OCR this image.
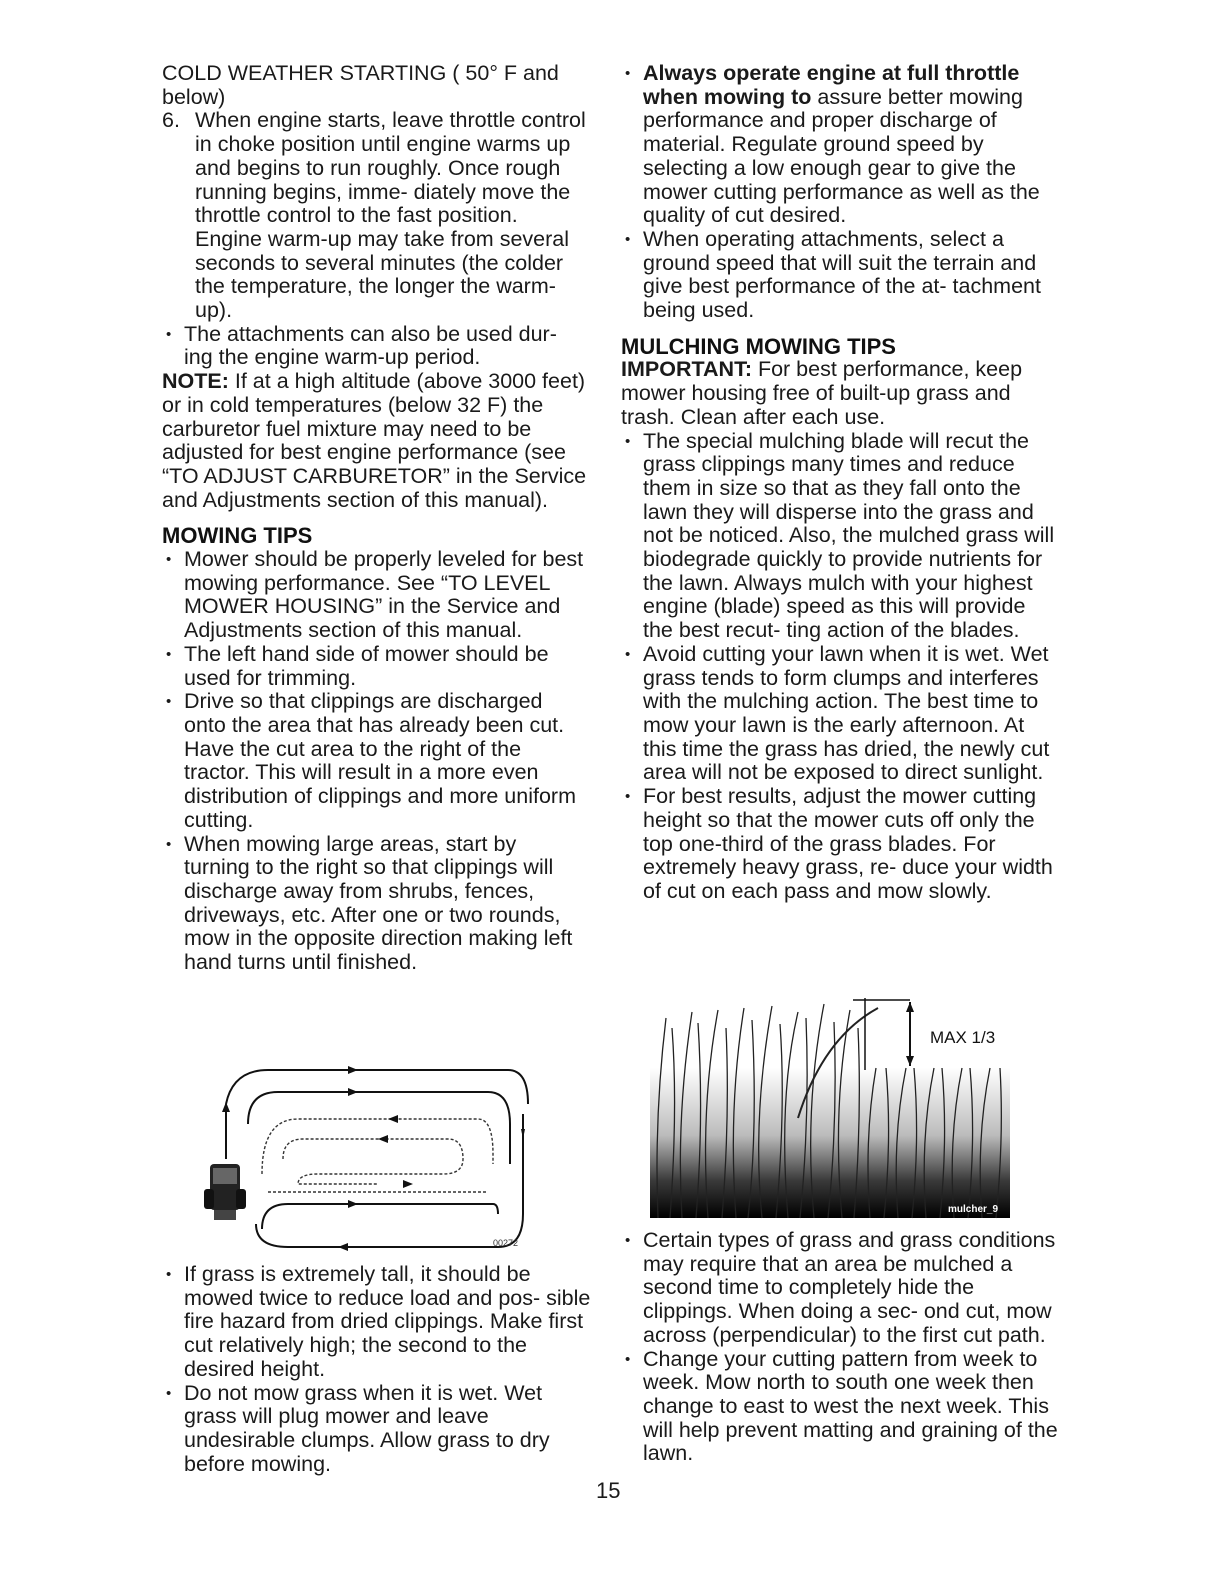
COLD WEATHER STARTING ( 50° F and below)

6. When engine starts, leave throttle control in choke position until engine warms up and begins to run roughly. Once rough running begins, imme- diately move the throttle control to the fast position. Engine warm-up may take from several seconds to several minutes (the colder the temperature, the longer the warm-up).
• The attachments can also be used dur- ing the engine warm-up period.

NOTE: If at a high altitude (above 3000 feet) or in cold temperatures (below 32 F) the carburetor fuel mixture may need to be adjusted for best engine performance (see “TO ADJUST CARBURETOR” in the Service and Adjustments section of this manual).

MOWING TIPS
• Mower should be properly leveled for best mowing performance. See “TO LEVEL MOWER HOUSING” in the Service and Adjustments section of this manual.
• The left hand side of mower should be used for trimming.
• Drive so that clippings are discharged onto the area that has already been cut. Have the cut area to the right of the tractor. This will result in a more even distribution of clippings and more uniform cutting.
• When mowing large areas, start by turning to the right so that clippings will discharge away from shrubs, fences, driveways, etc. After one or two rounds, mow in the opposite direction making left hand turns until finished.
00272
• If grass is extremely tall, it should be mowed twice to reduce load and pos- sible fire hazard from dried clippings. Make first cut relatively high; the second to the desired height.
• Do not mow grass when it is wet. Wet grass will plug mower and leave undesirable clumps. Allow grass to dry before mowing.
• Always operate engine at full throttle when mowing to assure better mowing performance and proper discharge of material. Regulate ground speed by selecting a low enough gear to give the mower cutting performance as well as the quality of cut desired.
• When operating attachments, select a ground speed that will suit the terrain and give best performance of the at- tachment being used.
MULCHING MOWING TIPS

IMPORTANT: For best performance, keep mower housing free of built-up grass and trash. Clean after each use.

• The special mulching blade will recut the grass clippings many times and reduce them in size so that as they fall onto the lawn they will disperse into the grass and not be noticed. Also, the mulched grass will biodegrade quickly to provide nutrients for the lawn. Always mulch with your highest engine (blade) speed as this will provide the best recut- ting action of the blades.
• Avoid cutting your lawn when it is wet. Wet grass tends to form clumps and interferes with the mulching action. The best time to mow your lawn is the early afternoon. At this time the grass has dried, the newly cut area will not be exposed to direct sunlight.
• For best results, adjust the mower cutting height so that the mower cuts off only the top one-third of the grass blades. For extremely heavy grass, re- duce your width of cut on each pass and mow slowly.
MAX 1/3
mulcher_9
• Certain types of grass and grass conditions may require that an area be mulched a second time to completely hide the clippings. When doing a sec- ond cut, mow across (perpendicular) to the first cut path.
• Change your cutting pattern from week to week. Mow north to south one week then change to east to west the next week. This will help prevent matting and graining of the lawn.
15
